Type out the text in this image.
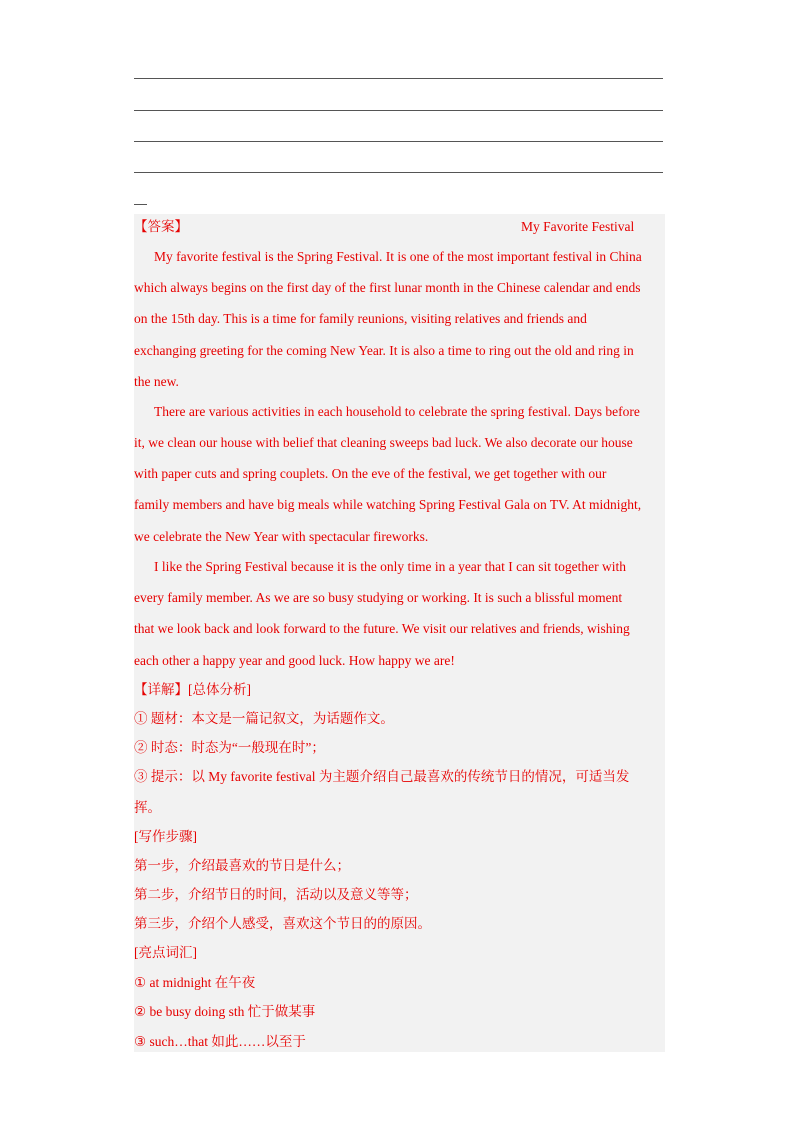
【答案】	My Favorite Festival
My favorite festival is the Spring Festival. It is one of the most important festival in China
which always begins on the first day of the first lunar month in the Chinese calendar and ends
on the 15th day. This is a time for family reunions, visiting relatives and friends and
exchanging greeting for the coming New Year. It is also a time to ring out the old and ring in
the new.
There are various activities in each household to celebrate the spring festival. Days before
it, we clean our house with belief that cleaning sweeps bad luck. We also decorate our house
with paper cuts and spring couplets. On the eve of the festival, we get together with our
family members and have big meals while watching Spring Festival Gala on TV. At midnight,
we celebrate the New Year with spectacular fireworks.
I like the Spring Festival because it is the only time in a year that I can sit together with
every family member. As we are so busy studying or working. It is such a blissful moment
that we look back and look forward to the future. We visit our relatives and friends, wishing
each other a happy year and good luck. How happy we are!
【详解】[总体分析]
① 题材：本文是一篇记叙文，为话题作文。
② 时态：时态为“一般现在时”；
③ 提示：以 My favorite festival 为主题介绍自己最喜欢的传统节日的情况，可适当发
挥。
[写作步骤]
第一步，介绍最喜欢的节日是什么；
第二步，介绍节日的时间，活动以及意义等等；
第三步，介绍个人感受，喜欢这个节日的的原因。
[亮点词汇]
① at midnight 在午夜
② be busy doing sth 忙于做某事
③ such…that 如此……以至于
